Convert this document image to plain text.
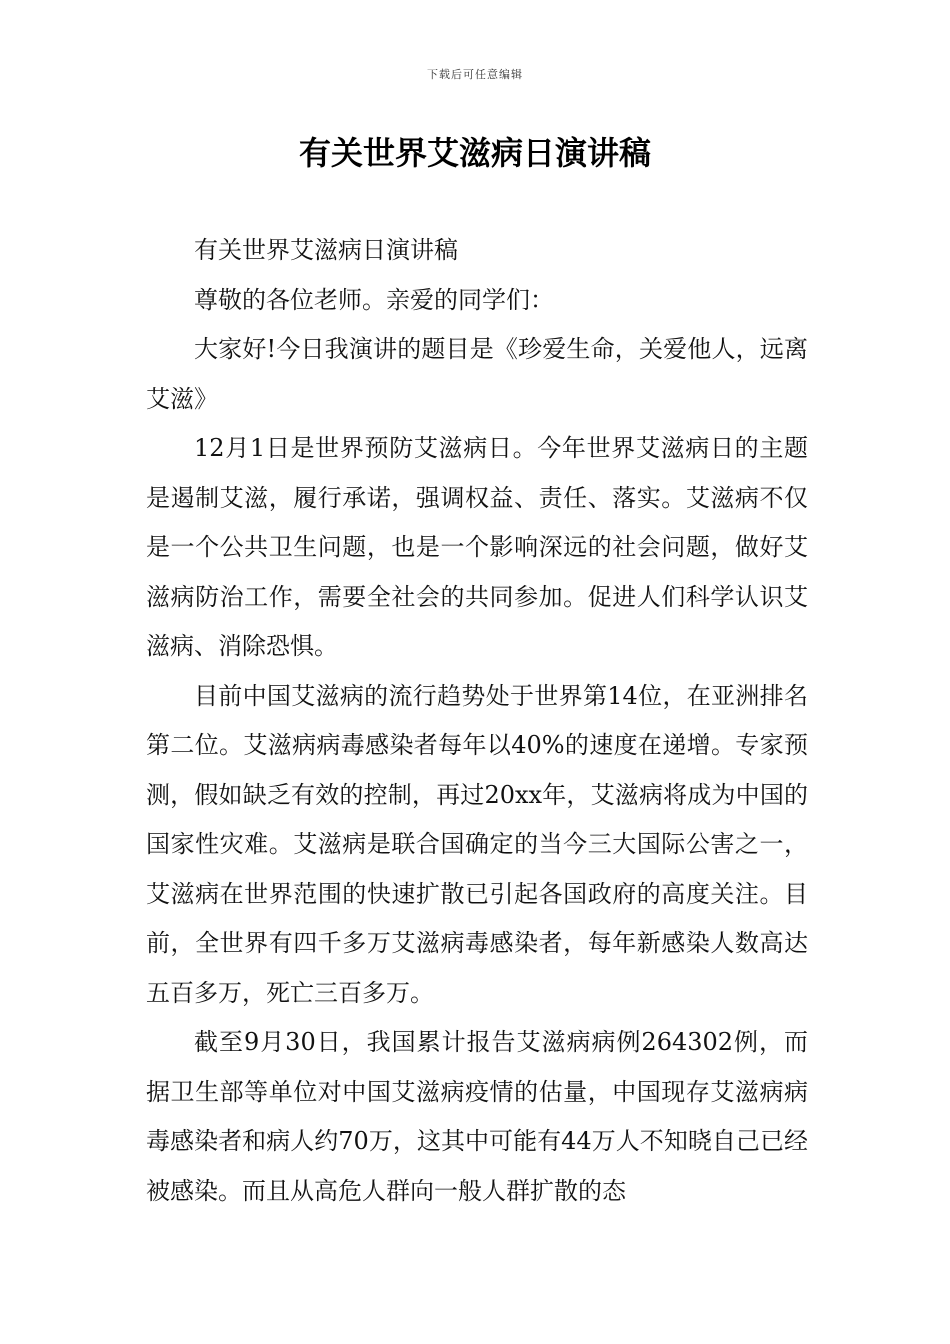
下载后可任意编辑
有关世界艾滋病日演讲稿

有关世界艾滋病日演讲稿

尊敬的各位老师。亲爱的同学们：

大家好!今日我演讲的题目是《珍爱生命，关爱他人，远离艾滋》

12月1日是世界预防艾滋病日。今年世界艾滋病日的主题是遏制艾滋，履行承诺，强调权益、责任、落实。艾滋病不仅是一个公共卫生问题，也是一个影响深远的社会问题，做好艾滋病防治工作，需要全社会的共同参加。促进人们科学认识艾滋病、消除恐惧。

目前中国艾滋病的流行趋势处于世界第14位，在亚洲排名第二位。艾滋病病毒感染者每年以40%的速度在递增。专家预测，假如缺乏有效的控制，再过20xx年，艾滋病将成为中国的国家性灾难。艾滋病是联合国确定的当今三大国际公害之一，艾滋病在世界范围的快速扩散已引起各国政府的高度关注。目前，全世界有四千多万艾滋病毒感染者，每年新感染人数高达五百多万，死亡三百多万。

截至9月30日，我国累计报告艾滋病病例264302例，而据卫生部等单位对中国艾滋病疫情的估量，中国现存艾滋病病毒感染者和病人约70万，这其中可能有44万人不知晓自己已经被感染。而且从高危人群向一般人群扩散的态
